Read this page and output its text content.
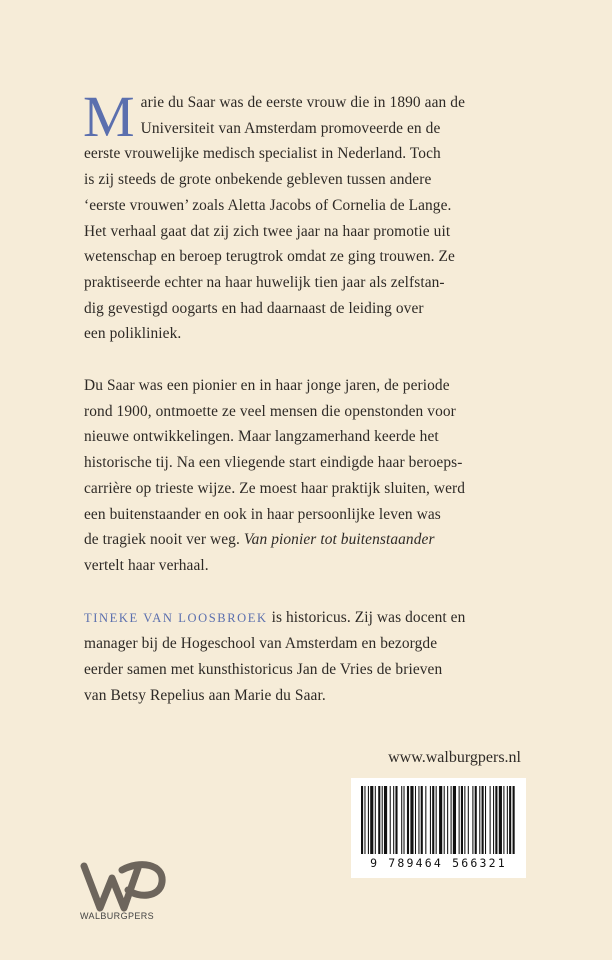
M arie du Saar was de eerste vrouw die in 1890 aan de
Universiteit van Amsterdam promoveerde en de
eerste vrouwelijke medisch specialist in Nederland. Toch
is zij steeds de grote onbekende gebleven tussen andere
‘eerste vrouwen’ zoals Aletta Jacobs of Cornelia de Lange.
Het verhaal gaat dat zij zich twee jaar na haar promotie uit
wetenschap en beroep terugtrok omdat ze ging trouwen. Ze
praktiseerde echter na haar huwelijk tien jaar als zelfstan-
dig gevestigd oogarts en had daarnaast de leiding over
een polikliniek.

Du Saar was een pionier en in haar jonge jaren, de periode
rond 1900, ontmoette ze veel mensen die openstonden voor
nieuwe ontwikkelingen. Maar langzamerhand keerde het
historische tij. Na een vliegende start eindigde haar beroeps-
carrière op trieste wijze. Ze moest haar praktijk sluiten, werd
een buitenstaander en ook in haar persoonlijke leven was
de tragiek nooit ver weg. Van pionier tot buitenstaander
vertelt haar verhaal.

TINEKE VAN LOOSBROEK is historicus. Zij was docent en
manager bij de Hogeschool van Amsterdam en bezorgde
eerder samen met kunsthistoricus Jan de Vries de brieven
van Betsy Repelius aan Marie du Saar.

www.walburgpers.nl
9 789464 566321
WALBURGPERS
